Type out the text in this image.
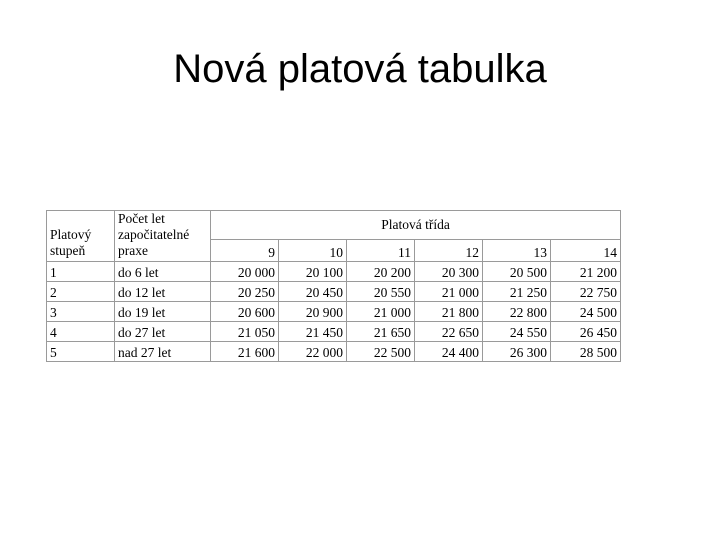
Nová platová tabulka
Platový
stupeň	Počet let
započitatelné
praxe	Platová třída					
		9	10	11	12	13	14
1	do 6 let	20 000	20 100	20 200	20 300	20 500	21 200
2	do 12 let	20 250	20 450	20 550	21 000	21 250	22 750
3	do 19 let	20 600	20 900	21 000	21 800	22 800	24 500
4	do 27 let	21 050	21 450	21 650	22 650	24 550	26 450
5	nad 27 let	21 600	22 000	22 500	24 400	26 300	28 500
